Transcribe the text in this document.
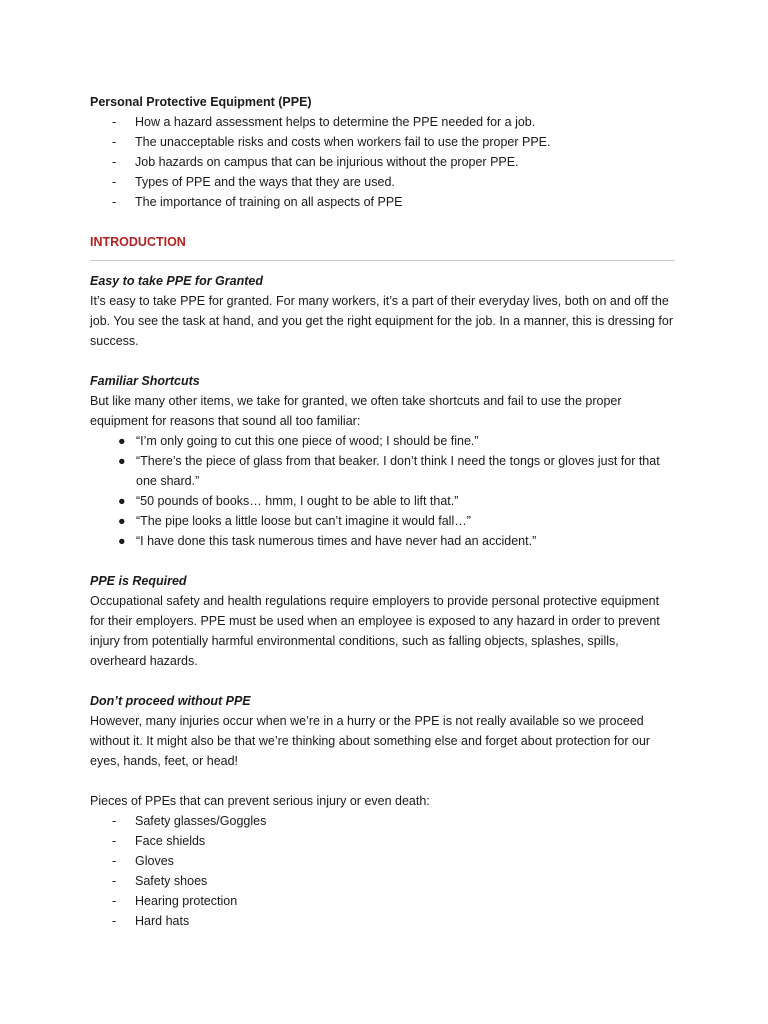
Personal Protective Equipment (PPE)
-	How a hazard assessment helps to determine the PPE needed for a job.
-	The unacceptable risks and costs when workers fail to use the proper PPE.
-	Job hazards on campus that can be injurious without the proper PPE.
-	Types of PPE and the ways that they are used.
-	The importance of training on all aspects of PPE
INTRODUCTION
Easy to take PPE for Granted
It’s easy to take PPE for granted. For many workers, it’s a part of their everyday lives, both on and off the job. You see the task at hand, and you get the right equipment for the job. In a manner, this is dressing for success.
Familiar Shortcuts
But like many other items, we take for granted, we often take shortcuts and fail to use the proper equipment for reasons that sound all too familiar:
● “I’m only going to cut this one piece of wood; I should be fine.”
● “There’s the piece of glass from that beaker. I don’t think I need the tongs or gloves just for that one shard.”
● “50 pounds of books… hmm, I ought to be able to lift that.”
● “The pipe looks a little loose but can’t imagine it would fall…”
● “I have done this task numerous times and have never had an accident.”
PPE is Required
Occupational safety and health regulations require employers to provide personal protective equipment for their employers. PPE must be used when an employee is exposed to any hazard in order to prevent injury from potentially harmful environmental conditions, such as falling objects, splashes, spills, overheard hazards.
Don’t proceed without PPE
However, many injuries occur when we’re in a hurry or the PPE is not really available so we proceed without it. It might also be that we’re thinking about something else and forget about protection for our eyes, hands, feet, or head!
Pieces of PPEs that can prevent serious injury or even death:
-	Safety glasses/Goggles
-	Face shields
-	Gloves
-	Safety shoes
-	Hearing protection
-	Hard hats
